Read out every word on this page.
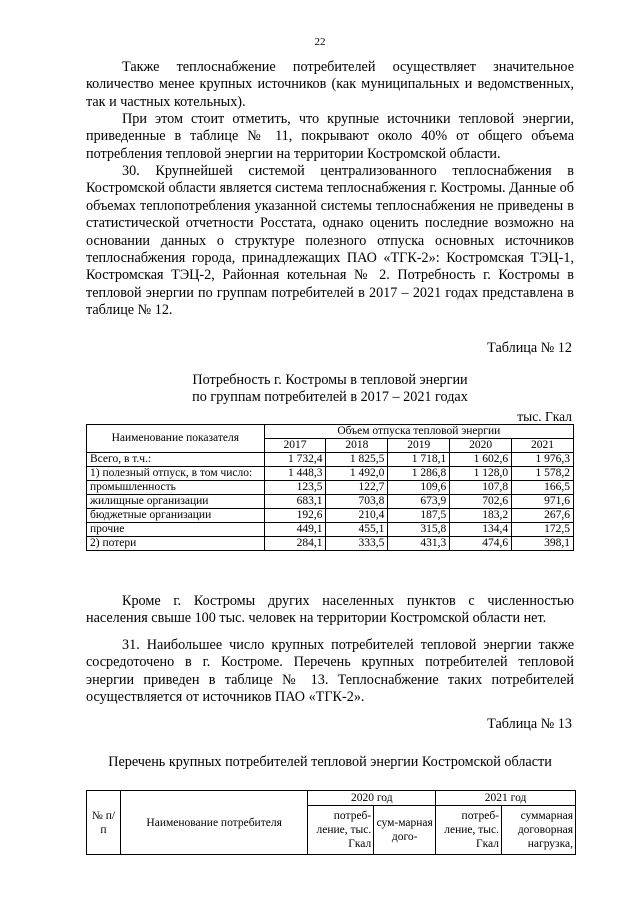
22

Также теплоснабжение потребителей осуществляет значительное количество менее крупных источников (как муниципальных и ведомственных, так и частных котельных).

При этом стоит отметить, что крупные источники тепловой энергии, приведенные в таблице № 11, покрывают около 40% от общего объема потребления тепловой энергии на территории Костромской области.

30. Крупнейшей системой централизованного теплоснабжения в Костромской области является система теплоснабжения г. Костромы. Данные об объемах теплопотребления указанной системы теплоснабжения не приведены в статистической отчетности Росстата, однако оценить последние возможно на основании данных о структуре полезного отпуска основных источников теплоснабжения города, принадлежащих ПАО «ТГК-2»: Костромская ТЭЦ-1, Костромская ТЭЦ-2, Районная котельная № 2. Потребность г. Костромы в тепловой энергии по группам потребителей в 2017 – 2021 годах представлена в таблице № 12.

Таблица № 12
Потребность г. Костромы в тепловой энергии
по группам потребителей в 2017 – 2021 годах
тыс. Гкал
Наименование показателя	Объем отпуска тепловой энергии				
	2017	2018	2019	2020	2021
Всего, в т.ч.:	1 732,4	1 825,5	1 718,1	1 602,6	1 976,3
1) полезный отпуск, в том число:	1 448,3	1 492,0	1 286,8	1 128,0	1 578,2
промышленность	123,5	122,7	109,6	107,8	166,5
жилищные организации	683,1	703,8	673,9	702,6	971,6
бюджетные организации	192,6	210,4	187,5	183,2	267,6
прочие	449,1	455,1	315,8	134,4	172,5
2) потери	284,1	333,5	431,3	474,6	398,1

Кроме г. Костромы других населенных пунктов с численностью населения свыше 100 тыс. человек на территории Костромской области нет.

31. Наибольшее число крупных потребителей тепловой энергии также сосредоточено в г. Костроме. Перечень крупных потребителей тепловой энергии приведен в таблице № 13. Теплоснабжение таких потребителей осуществляется от источников ПАО «ТГК-2».

Таблица № 13
Перечень крупных потребителей тепловой энергии Костромской области
№ п/п	Наименование потребителя	2020 год		2021 год	
		потреб-ление, тыс. Гкал	сум-марная дого-	потреб-ление, тыс. Гкал	суммарная договорная нагрузка,
